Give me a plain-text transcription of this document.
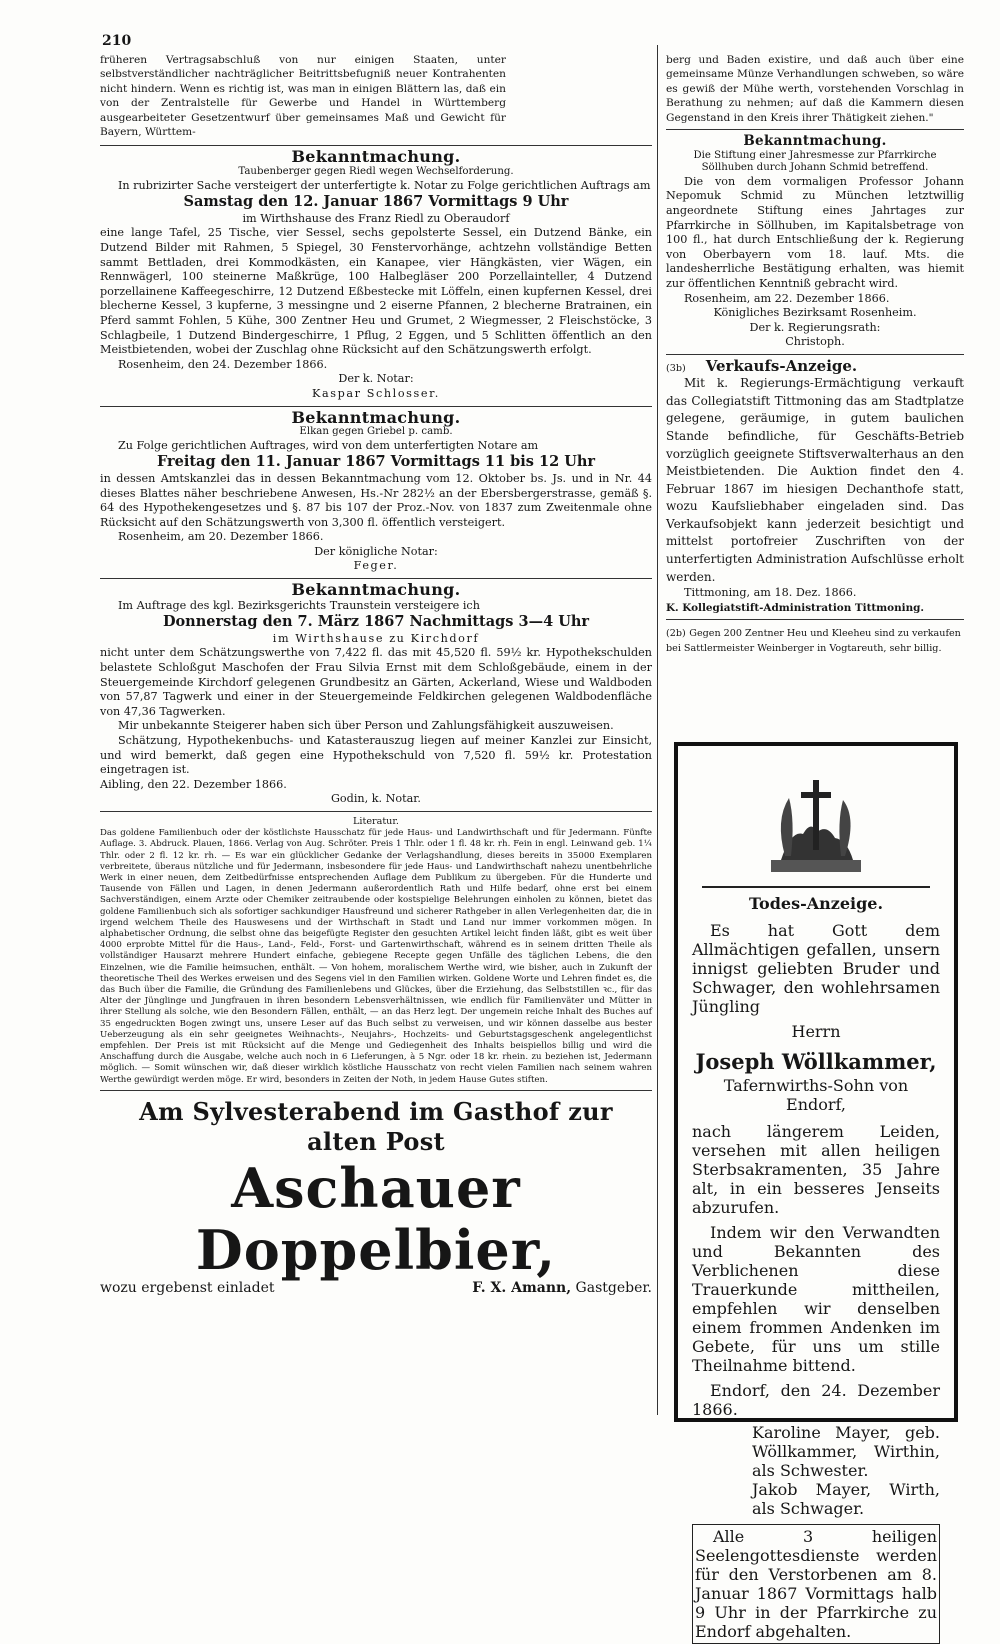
210

früheren Vertragsabschluß von nur einigen Staaten, unter selbstverständlicher nachträglicher Beitrittsbefugniß neuer Kontrahenten nicht hindern. Wenn es richtig ist, was man in einigen Blättern las, daß ein von der Zentralstelle für Gewerbe und Handel in Württemberg ausgearbeiteter Gesetzentwurf über gemeinsames Maß und Gewicht für Bayern, Württem-

Bekanntmachung.
Taubenberger gegen Riedl wegen Wechselforderung.

In rubrizirter Sache versteigert der unterfertigte k. Notar zu Folge gerichtlichen Auftrags am

Samstag den 12. Januar 1867 Vormittags 9 Uhr
im Wirthshause des Franz Riedl zu Oberaudorf

eine lange Tafel, 25 Tische, vier Sessel, sechs gepolsterte Sessel, ein Dutzend Bänke, ein Dutzend Bilder mit Rahmen, 5 Spiegel, 30 Fenstervorhänge, achtzehn vollständige Betten sammt Bettladen, drei Kommodkästen, ein Kanapee, vier Hängkästen, vier Wägen, ein Rennwägerl, 100 steinerne Maßkrüge, 100 Halbegläser 200 Porzellainteller, 4 Dutzend porzellainene Kaffeegeschirre, 12 Dutzend Eßbestecke mit Löffeln, einen kupfernen Kessel, drei blecherne Kessel, 3 kupferne, 3 messingne und 2 eiserne Pfannen, 2 blecherne Bratrainen, ein Pferd sammt Fohlen, 5 Kühe, 300 Zentner Heu und Grumet, 2 Wiegmesser, 2 Fleischstöcke, 3 Schlagbeile, 1 Dutzend Bindergeschirre, 1 Pflug, 2 Eggen, und 5 Schlitten öffentlich an den Meistbietenden, wobei der Zuschlag ohne Rücksicht auf den Schätzungswerth erfolgt.

Rosenheim, den 24. Dezember 1866.

Der k. Notar:
Kaspar Schlosser.
Bekanntmachung.
Elkan gegen Griebel p. camb.

Zu Folge gerichtlichen Auftrages, wird von dem unterfertigten Notare am

Freitag den 11. Januar 1867 Vormittags 11 bis 12 Uhr

in dessen Amtskanzlei das in dessen Bekanntmachung vom 12. Oktober bs. Js. und in Nr. 44 dieses Blattes näher beschriebene Anwesen, Hs.-Nr 282½ an der Ebersbergerstrasse, gemäß §. 64 des Hypothekengesetzes und §. 87 bis 107 der Proz.-Nov. von 1837 zum Zweitenmale ohne Rücksicht auf den Schätzungswerth von 3,300 fl. öffentlich versteigert.

Rosenheim, am 20. Dezember 1866.

Der königliche Notar:
Feger.
Bekanntmachung.

Im Auftrage des kgl. Bezirksgerichts Traunstein versteigere ich

Donnerstag den 7. März 1867 Nachmittags 3—4 Uhr
im Wirthshause zu Kirchdorf

nicht unter dem Schätzungswerthe von 7,422 fl. das mit 45,520 fl. 59½ kr. Hypothekschulden belastete Schloßgut Maschofen der Frau Silvia Ernst mit dem Schloßgebäude, einem in der Steuergemeinde Kirchdorf gelegenen Grundbesitz an Gärten, Ackerland, Wiese und Waldboden von 57,87 Tagwerk und einer in der Steuergemeinde Feldkirchen gelegenen Waldbodenfläche von 47,36 Tagwerken.

Mir unbekannte Steigerer haben sich über Person und Zahlungsfähigkeit auszuweisen.

Schätzung, Hypothekenbuchs- und Katasterauszug liegen auf meiner Kanzlei zur Einsicht, und wird bemerkt, daß gegen eine Hypothekschuld von 7,520 fl. 59½ kr. Protestation eingetragen ist.

Aibling, den 22. Dezember 1866.

Godin, k. Notar.
Literatur.

Das goldene Familienbuch oder der köstlichste Hausschatz für jede Haus- und Landwirthschaft und für Jedermann. Fünfte Auflage. 3. Abdruck. Plauen, 1866. Verlag von Aug. Schröter. Preis 1 Thlr. oder 1 fl. 48 kr. rh. Fein in engl. Leinwand geb. 1¼ Thlr. oder 2 fl. 12 kr. rh. — Es war ein glücklicher Gedanke der Verlagshandlung, dieses bereits in 35000 Exemplaren verbreitete, überaus nützliche und für Jedermann, insbesondere für jede Haus- und Landwirthschaft nahezu unentbehrliche Werk in einer neuen, dem Zeitbedürfnisse entsprechenden Auflage dem Publikum zu übergeben. Für die Hunderte und Tausende von Fällen und Lagen, in denen Jedermann außerordentlich Rath und Hilfe bedarf, ohne erst bei einem Sachverständigen, einem Arzte oder Chemiker zeitraubende oder kostspielige Belehrungen einholen zu können, bietet das goldene Familienbuch sich als sofortiger sachkundiger Hausfreund und sicherer Rathgeber in allen Verlegenheiten dar, die in irgend welchem Theile des Hauswesens und der Wirthschaft in Stadt und Land nur immer vorkommen mögen. In alphabetischer Ordnung, die selbst ohne das beigefügte Register den gesuchten Artikel leicht finden läßt, gibt es weit über 4000 erprobte Mittel für die Haus-, Land-, Feld-, Forst- und Gartenwirthschaft, während es in seinem dritten Theile als vollständiger Hausarzt mehrere Hundert einfache, gebiegene Recepte gegen Unfälle des täglichen Lebens, die den Einzelnen, wie die Familie heimsuchen, enthält. — Von hohem, moralischem Werthe wird, wie bisher, auch in Zukunft der theoretische Theil des Werkes erweisen und des Segens viel in den Familien wirken. Goldene Worte und Lehren findet es, die das Buch über die Familie, die Gründung des Familienlebens und Glückes, über die Erziehung, das Selbststillen ꝛc., für das Alter der Jünglinge und Jungfrauen in ihren besondern Lebensverhältnissen, wie endlich für Familienväter und Mütter in ihrer Stellung als solche, wie den Besondern Fällen, enthält, — an das Herz legt. Der ungemein reiche Inhalt des Buches auf 35 engedruckten Bogen zwingt uns, unsere Leser auf das Buch selbst zu verweisen, und wir können dasselbe aus bester Ueberzeugung als ein sehr geeignetes Weihnachts-, Neujahrs-, Hochzeits- und Geburtstagsgeschenk angelegentlichst empfehlen. Der Preis ist mit Rücksicht auf die Menge und Gediegenheit des Inhalts beispiellos billig und wird die Anschaffung durch die Ausgabe, welche auch noch in 6 Lieferungen, à 5 Ngr. oder 18 kr. rhein. zu beziehen ist, Jedermann möglich. — Somit wünschen wir, daß dieser wirklich köstliche Hausschatz von recht vielen Familien nach seinem wahren Werthe gewürdigt werden möge. Er wird, besonders in Zeiten der Noth, in jedem Hause Gutes stiften.

Am Sylvesterabend im Gasthof zur alten Post
Aschauer Doppelbier,
wozu ergebenst einladet	F. X. Amann, Gastgeber.

berg und Baden existire, und daß auch über eine gemeinsame Münze Verhandlungen schweben, so wäre es gewiß der Mühe werth, vorstehenden Vorschlag in Berathung zu nehmen; auf daß die Kammern diesen Gegenstand in den Kreis ihrer Thätigkeit ziehen."

Bekanntmachung.
Die Stiftung einer Jahresmesse zur Pfarrkirche Söllhuben durch Johann Schmid betreffend.

Die von dem vormaligen Professor Johann Nepomuk Schmid zu München letztwillig angeordnete Stiftung eines Jahrtages zur Pfarrkirche in Söllhuben, im Kapitalsbetrage von 100 fl., hat durch Entschließung der k. Regierung von Oberbayern vom 18. lauf. Mts. die landesherrliche Bestätigung erhalten, was hiemit zur öffentlichen Kenntniß gebracht wird.

Rosenheim, am 22. Dezember 1866.

Königliches Bezirksamt Rosenheim.
Der k. Regierungsrath:
Christoph.
(3b) Verkaufs-Anzeige.

Mit k. Regierungs-Ermächtigung verkauft das Collegiatstift Tittmoning das am Stadtplatze gelegene, geräumige, in gutem baulichen Stande befindliche, für Geschäfts-Betrieb vorzüglich geeignete Stiftsverwalterhaus an den Meistbietenden. Die Auktion findet den 4. Februar 1867 im hiesigen Dechanthofe statt, wozu Kaufsliebhaber eingeladen sind. Das Verkaufsobjekt kann jederzeit besichtigt und mittelst portofreier Zuschriften von der unterfertigten Administration Aufschlüsse erholt werden.

Tittmoning, am 18. Dez. 1866.

K. Kollegiatstift-Administration Tittmoning.
(2b) Gegen 200 Zentner Heu und Kleeheu sind zu verkaufen bei Sattlermeister Weinberger in Vogtareuth, sehr billig.
Todes-Anzeige.

Es hat Gott dem Allmächtigen gefallen, unsern innigst geliebten Bruder und Schwager, den wohlehrsamen Jüngling

Herrn
Joseph Wöllkammer,
Tafernwirths-Sohn von Endorf,

nach längerem Leiden, versehen mit allen heiligen Sterbsakramenten, 35 Jahre alt, in ein besseres Jenseits abzurufen.

Indem wir den Verwandten und Bekannten des Verblichenen diese Trauerkunde mittheilen, empfehlen wir denselben einem frommen Andenken im Gebete, für uns um stille Theilnahme bittend.

Endorf, den 24. Dezember 1866.

Karoline Mayer, geb. Wöllkammer, Wirthin, als Schwester.

Jakob Mayer, Wirth, als Schwager.

Alle 3 heiligen Seelengottesdienste werden für den Verstorbenen am 8. Januar 1867 Vormittags halb 9 Uhr in der Pfarrkirche zu Endorf abgehalten.
